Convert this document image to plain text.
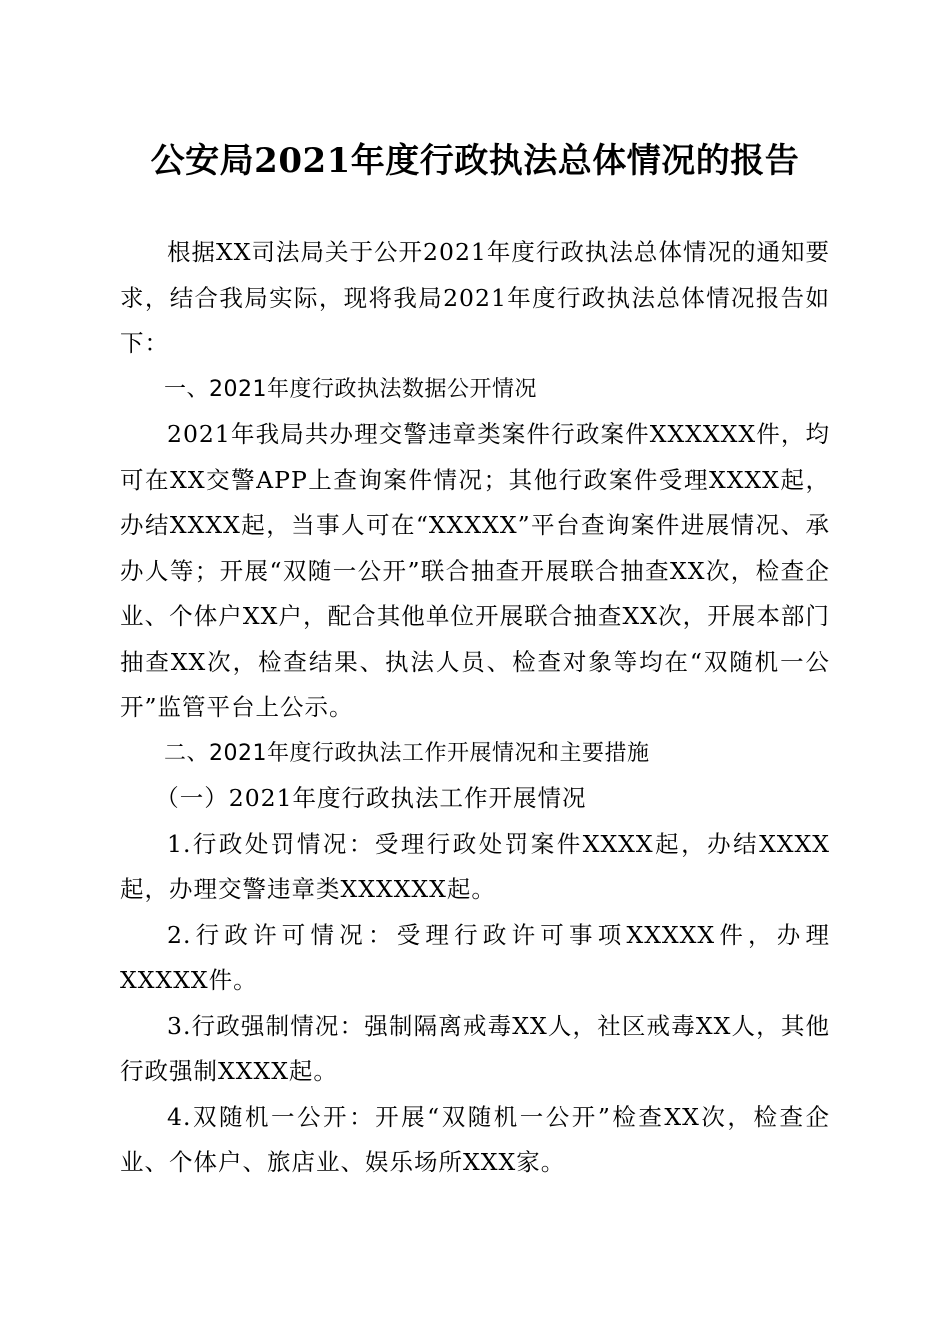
公安局2021年度行政执法总体情况的报告

根据XX司法局关于公开2021年度行政执法总体情况的通知要求，结合我局实际，现将我局2021年度行政执法总体情况报告如下：

一、2021年度行政执法数据公开情况

2021年我局共办理交警违章类案件行政案件XXXXXX件，均可在XX交警APP上查询案件情况；其他行政案件受理XXXX起，办结XXXX起，当事人可在“XXXXX”平台查询案件进展情况、承办人等；开展“双随一公开”联合抽查开展联合抽查XX次，检查企业、个体户XX户，配合其他单位开展联合抽查XX次，开展本部门抽查XX次，检查结果、执法人员、检查对象等均在“双随机一公开”监管平台上公示。

二、2021年度行政执法工作开展情况和主要措施

（一）2021年度行政执法工作开展情况

1.行政处罚情况：受理行政处罚案件XXXX起，办结XXXX起，办理交警违章类XXXXXX起。

2.行政许可情况：受理行政许可事项XXXXX件，办理XXXXX件。

3.行政强制情况：强制隔离戒毒XX人，社区戒毒XX人，其他行政强制XXXX起。

4.双随机一公开：开展“双随机一公开”检查XX次，检查企业、个体户、旅店业、娱乐场所XXX家。
